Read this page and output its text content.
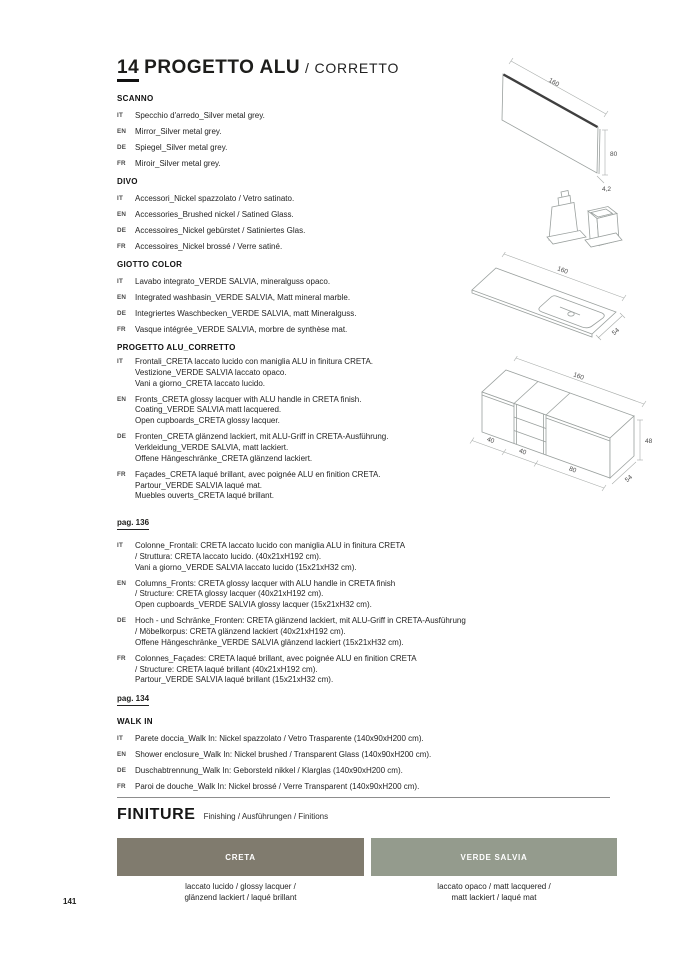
14 PROGETTO ALU / CORRETTO
SCANNO
IT	Specchio d'arredo_Silver metal grey.
EN	Mirror_Silver metal grey.
DE	Spiegel_Silver metal grey.
FR	Miroir_Silver metal grey.
DIVO
IT	Accessori_Nickel spazzolato / Vetro satinato.
EN	Accessories_Brushed nickel / Satined Glass.
DE	Accessoires_Nickel gebürstet / Satiniertes Glas.
FR	Accessoires_Nickel brossé / Verre satiné.
GIOTTO COLOR
IT	Lavabo integrato_VERDE SALVIA, mineralguss opaco.
EN	Integrated washbasin_VERDE SALVIA, Matt mineral marble.
DE	Integriertes Waschbecken_VERDE SALVIA, matt Mineralguss.
FR	Vasque intégrée_VERDE SALVIA, morbre de synthèse mat.
PROGETTO ALU_CORRETTO
IT	Frontali_CRETA laccato lucido con maniglia ALU in finitura CRETA.
Vestizione_VERDE SALVIA laccato opaco.
Vani a giorno_CRETA laccato lucido.
EN	Fronts_CRETA glossy lacquer with ALU handle in CRETA finish.
Coating_VERDE SALVIA matt lacquered.
Open cupboards_CRETA glossy lacquer.
DE	Fronten_CRETA glänzend lackiert, mit ALU-Griff in CRETA-Ausführung.
Verkleidung_VERDE SALVIA, matt lackiert.
Offene Hängeschränke_CRETA glänzend lackiert.
FR	Façades_CRETA laqué brillant, avec poignée ALU en finition CRETA.
Partour_VERDE SALVIA laqué mat.
Muebles ouverts_CRETA laqué brillant.
pag. 136
IT	Colonne_Frontali: CRETA laccato lucido con maniglia ALU in finitura CRETA
/ Struttura: CRETA laccato lucido. (40x21xH192 cm).
Vani a giorno_VERDE SALVIA laccato lucido (15x21xH32 cm).
EN	Columns_Fronts: CRETA glossy lacquer with ALU handle in CRETA finish
/ Structure: CRETA glossy lacquer (40x21xH192 cm).
Open cupboards_VERDE SALVIA glossy lacquer (15x21xH32 cm).
DE	Hoch - und Schränke_Fronten: CRETA glänzend lackiert, mit ALU-Griff in CRETA-Ausführung
/ Möbelkorpus: CRETA glänzend lackiert (40x21xH192 cm).
Offene Hängeschränke_VERDE SALVIA glänzend lackiert (15x21xH32 cm).
FR	Colonnes_Façades: CRETA laqué brillant, avec poignée ALU en finition CRETA
/ Structure: CRETA laqué brillant (40x21xH192 cm).
Partour_VERDE SALVIA laqué brillant (15x21xH32 cm).
pag. 134
WALK IN
IT	Parete doccia_Walk In: Nickel spazzolato / Vetro Trasparente (140x90xH200 cm).
EN	Shower enclosure_Walk In: Nickel brushed / Transparent Glass (140x90xH200 cm).
DE	Duschabtrennung_Walk In: Geborsteld nikkel / Klarglas (140x90xH200 cm).
FR	Paroi de douche_Walk In: Nickel brossé / Verre Transparent (140x90xH200 cm).
FINITURE Finishing / Ausführungen / Finitions
CRETA	VERDE SALVIA
laccato lucido / glossy lacquer /
glänzend lackiert / laqué brillant
laccato opaco / matt lacquered /
matt lackiert / laqué mat
141
160
80
4,2
160
54
160
40
40
80
48
54
